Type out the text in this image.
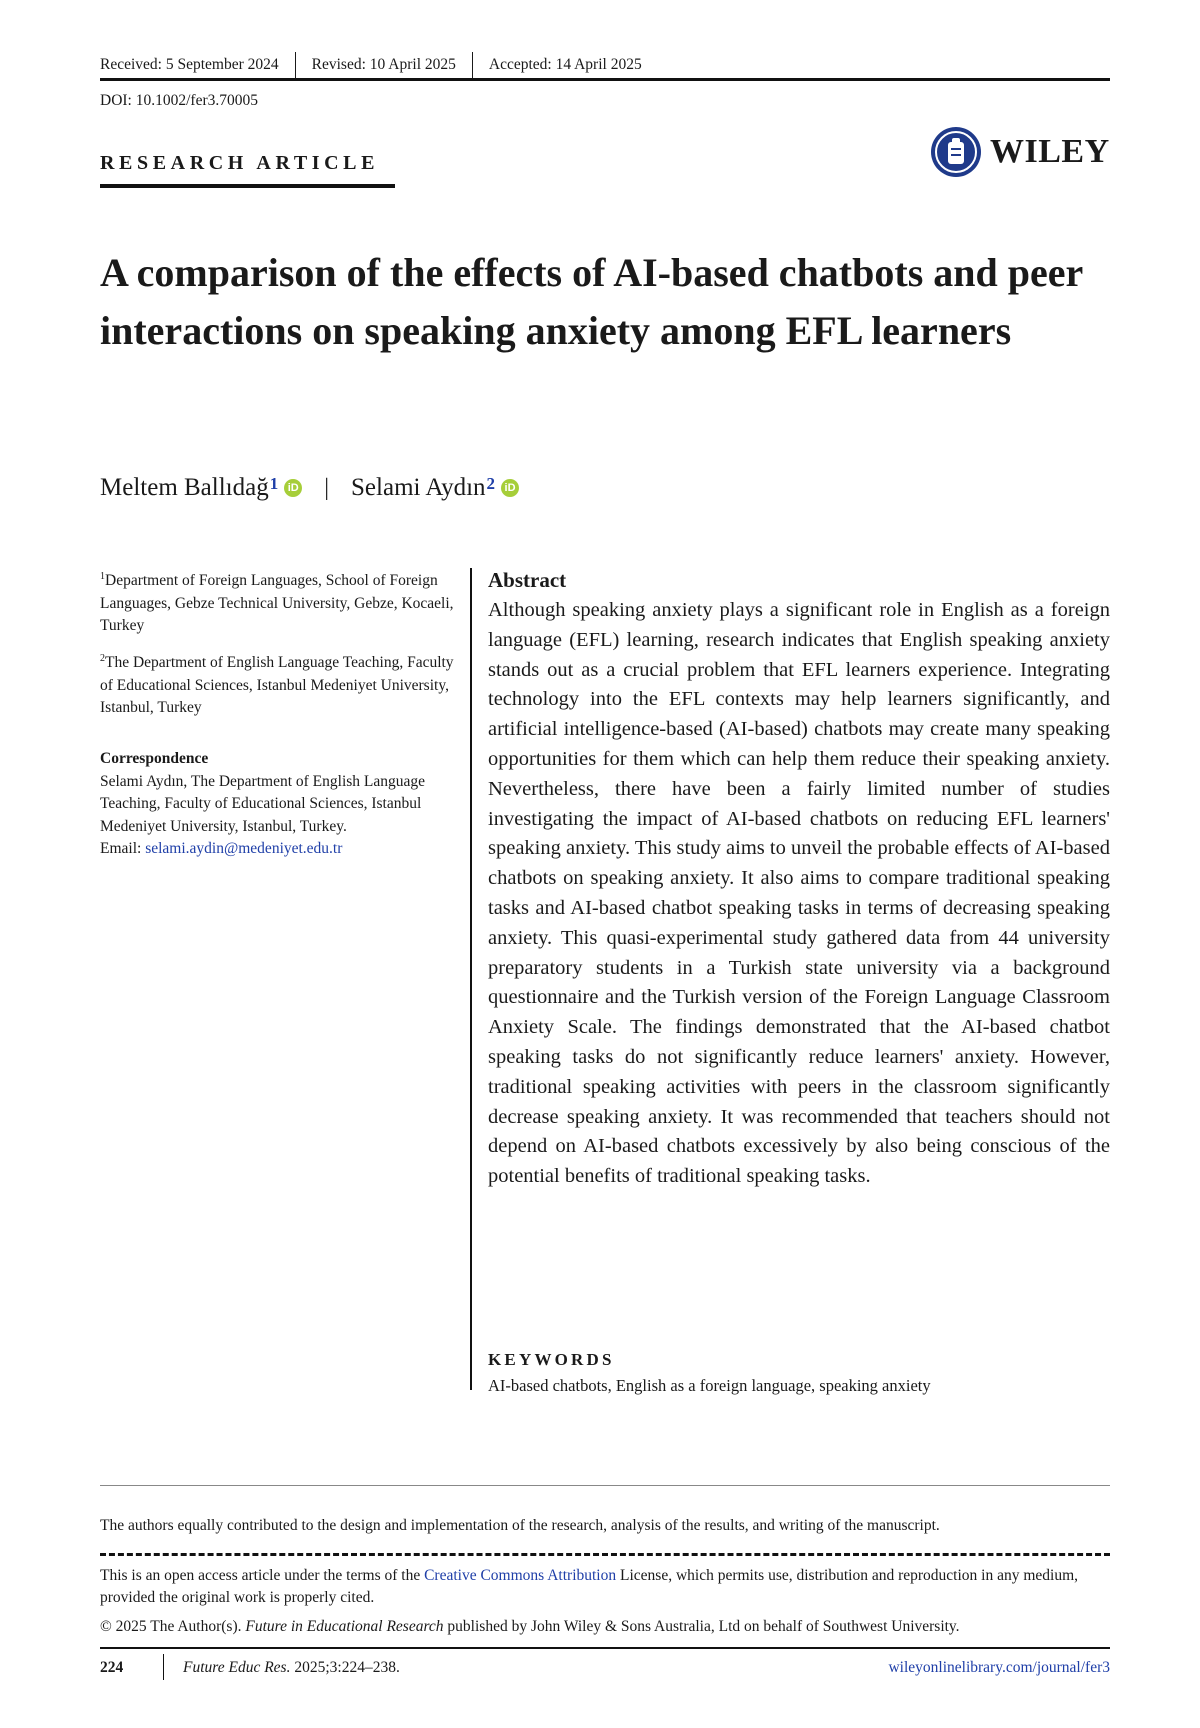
Received: 5 September 2024 Revised: 10 April 2025 Accepted: 14 April 2025
DOI: 10.1002/fer3.70005
RESEARCH ARTICLE	WILEY
A comparison of the effects of AI-based chatbots and peer interactions on speaking anxiety among EFL learners
Meltem Ballıdağ$^1$ iD | Selami Aydın$^2$ iD
$^1$Department of Foreign Languages, School of Foreign Languages, Gebze Technical University, Gebze, Kocaeli, Turkey
$^2$The Department of English Language Teaching, Faculty of Educational Sciences, Istanbul Medeniyet University, Istanbul, Turkey
Correspondence
Selami Aydın, The Department of English Language Teaching, Faculty of Educational Sciences, Istanbul Medeniyet University, Istanbul, Turkey.
Email: selami.aydin@medeniyet.edu.tr
Abstract

Although speaking anxiety plays a significant role in English as a foreign language (EFL) learning, research indicates that English speaking anxiety stands out as a crucial problem that EFL learners experience. Integrating technology into the EFL contexts may help learners significantly, and artificial intelligence-based (AI-based) chatbots may create many speaking opportunities for them which can help them reduce their speaking anxiety. Nevertheless, there have been a fairly limited number of studies investigating the impact of AI-based chatbots on reducing EFL learners' speaking anxiety. This study aims to unveil the probable effects of AI-based chatbots on speaking anxiety. It also aims to compare traditional speaking tasks and AI-based chatbot speaking tasks in terms of decreasing speaking anxiety. This quasi-experimental study gathered data from 44 university preparatory students in a Turkish state university via a background questionnaire and the Turkish version of the Foreign Language Classroom Anxiety Scale. The findings demonstrated that the AI-based chatbot speaking tasks do not significantly reduce learners' anxiety. However, traditional speaking activities with peers in the classroom significantly decrease speaking anxiety. It was recommended that teachers should not depend on AI-based chatbots excessively by also being conscious of the potential benefits of traditional speaking tasks.

KEYWORDS
AI-based chatbots, English as a foreign language, speaking anxiety
The authors equally contributed to the design and implementation of the research, analysis of the results, and writing of the manuscript.

This is an open access article under the terms of the Creative Commons Attribution License, which permits use, distribution and reproduction in any medium, provided the original work is properly cited.

© 2025 The Author(s). Future in Educational Research published by John Wiley & Sons Australia, Ltd on behalf of Southwest University.
224	Future Educ Res. 2025;3:224–238.	wileyonlinelibrary.com/journal/fer3
